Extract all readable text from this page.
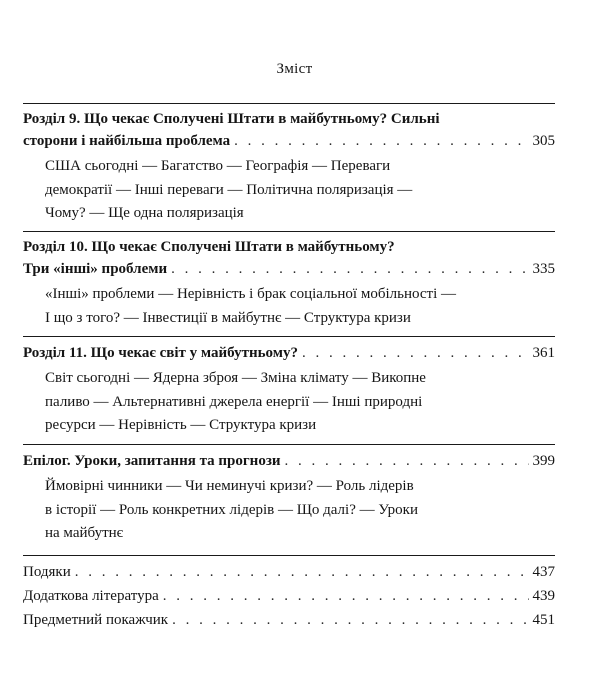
Зміст
Розділ 9. Що чекає Сполучені Штати в майбутньому? Сильні
сторони і найбільша проблема . . .	305
США сьогодні — Багатство — Географія — Переваги
демократії — Інші переваги — Політична поляризація —
Чому? — Ще одна поляризація
Розділ 10. Що чекає Сполучені Штати в майбутньому?
Три «інші» проблеми . . .	335
«Інші» проблеми — Нерівність і брак соціальної мобільності —
І що з того? — Інвестиції в майбутнє — Структура кризи
Розділ 11. Що чекає світ у майбутньому? . . .	361
Світ сьогодні — Ядерна зброя — Зміна клімату — Викопне
паливо — Альтернативні джерела енергії — Інші природні
ресурси — Нерівність — Структура кризи
Епілог. Уроки, запитання та прогнози . . .	399
Ймовірні чинники — Чи неминучі кризи? — Роль лідерів
в історії — Роль конкретних лідерів — Що далі? — Уроки
на майбутнє
Подяки . . .	437
Додаткова література . . .	439
Предметний покажчик . . .	451
